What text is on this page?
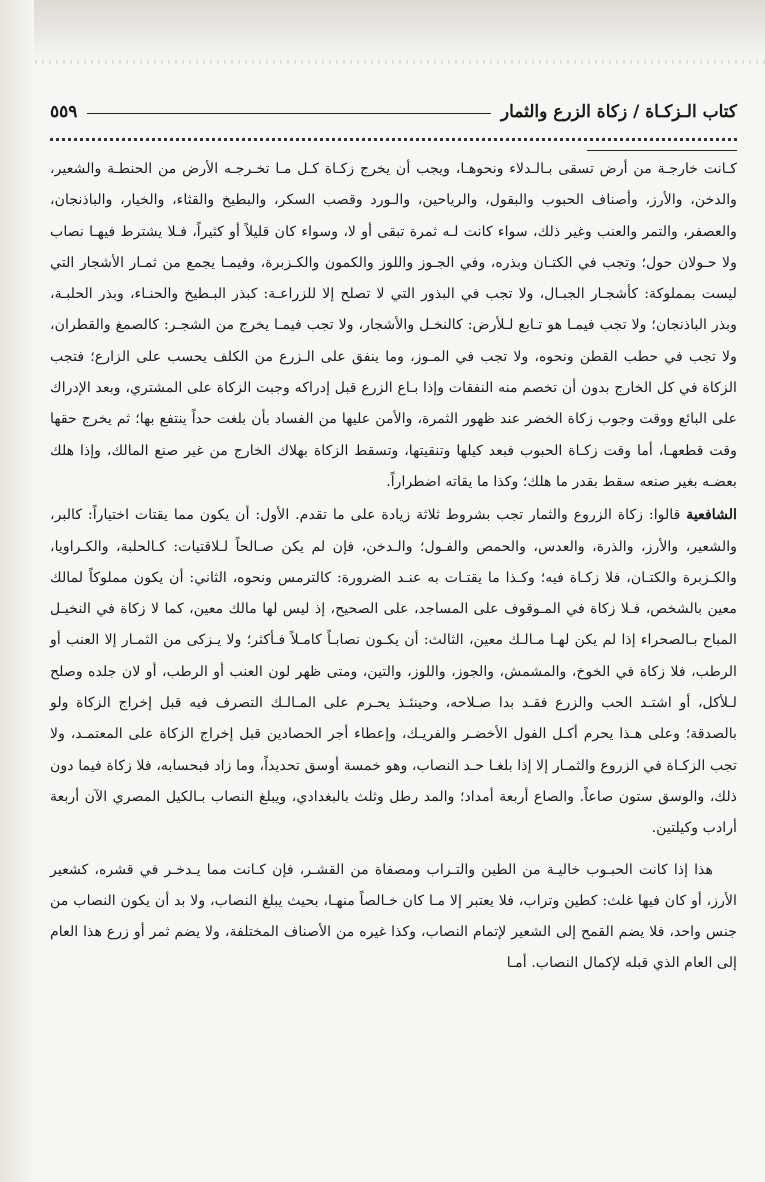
كتاب الـزكـاة / زكاة الزرع والثمار
٥٥٩

كـانت خارجـة من أرض تسقى بـالـدلاء ونحوهـا، ويجب أن يخرج زكـاة كـل مـا تخـرجـه الأرض من الحنطـة والشعير، والدخن، والأرز، وأصناف الحبوب والبقول، والرياحين، والـورد وقصب السكر، والبطيخ والقثاء، والخيار، والباذنجان، والعصفر، والتمر والعنب وغير ذلك، سواء كانت لـه ثمرة تبقى أو لا، وسواء كان قليلاً أو كثيراً، فـلا يشترط فيهـا نصاب ولا حـولان حول؛ وتجب في الكتـان وبذره، وفي الجـوز واللوز والكمون والكـزبرة، وفيمـا يجمع من ثمـار الأشجار التي ليست بمملوكة: كأشجـار الجبـال، ولا تجب في البذور التي لا تصلح إلا للزراعـة: كبذر البـطيخ والحنـاء، وبذر الحلبـة، وبذر الباذنجان؛ ولا تجب فيمـا هو تـابع لـلأرض: كالنخـل والأشجار، ولا تجب فيمـا يخرج من الشجـر: كالصمغ والقطران، ولا تجب في حطب القطن ونحوه، ولا تجب في المـوز، وما ينفق على الـزرع من الكلف يحسب على الزارع؛ فتجب الزكاة في كل الخارج بدون أن تخصم منه النفقات وإذا بـاع الزرع قبل إدراكه وجبت الزكاة على المشتري، وبعد الإدراك على البائع ووقت وجوب زكاة الخضر عند ظهور الثمرة، والأمن عليها من الفساد بأن بلغت حداً ينتفع بها؛ ثم يخرج حقها وقت قطعهـا، أما وقت زكـاة الحبوب فبعد كيلها وتنقيتها، وتسقط الزكاة بهلاك الخارج من غير صنع المالك، وإذا هلك بعضـه بغير صنعه سقط بقدر ما هلك؛ وكذا ما يقاته اضطراراً.

الشافعية قالوا: زكاة الزروع والثمار تجب بشروط ثلاثة زيادة على ما تقدم. الأول: أن يكون مما يقتات اختياراً: كالبر، والشعير، والأرز، والذرة، والعدس، والحمص والفـول؛ والـدخن، فإن لم يكن صـالحاً لـلاقتيات: كـالحلبة، والكـراويا، والكـزبرة والكتـان، فلا زكـاة فيه؛ وكـذا ما يقتـات به عنـد الضرورة: كالترمس ونحوه، الثاني: أن يكون مملوكاً لمالك معين بالشخص، فـلا زكاة في المـوقوف على المساجد، على الصحيح، إذ ليس لها مالك معين، كما لا زكاة في النخيـل المباح بـالصحراء إذا لم يكن لهـا مـالـك معين، الثالث: أن يكـون نصابـاً كامـلاً فـأكثر؛ ولا يـزكى من الثمـار إلا العنب أو الرطب، فلا زكاة في الخوخ، والمشمش، والجوز، واللوز، والتين، ومتى ظهر لون العنب أو الرطب، أو لان جلده وصلح لـلأكل، أو اشتـد الحب والزرع فقـد بدا صـلاحه، وحينئـذ يحـرم على المـالـك التصرف فيه قبل إخراج الزكاة ولو بالصدقة؛ وعلى هـذا يحرم أكـل الفول الأخضـر والفريـك، وإعطاء أجر الحصادين قبل إخراج الزكاة على المعتمـد، ولا تجب الزكـاة في الزروع والثمـار إلا إذا بلغـا حـد النصاب، وهو خمسة أوسق تحديداً، وما زاد فبحسابه، فلا زكاة فيما دون ذلك، والوسق ستون صاعاً. والصاع أربعة أمداد؛ والمد رطل وثلث بالبغدادي، ويبلغ النصاب بـالكيل المصري الآن أربعة أرادب وكيلتين.

هذا إذا كانت الحبـوب خاليـة من الطين والتـراب ومصفاة من القشـر، فإن كـانت مما يـدخـر في قشره، كشعير الأرز، أو كان فيها غلث: كطين وتراب، فلا يعتبر إلا مـا كان خـالصاً منهـا، بحيث يبلغ النصاب، ولا بد أن يكون النصاب من جنس واحد، فلا يضم القمح إلى الشعير لإتمام النصاب، وكذا غيره من الأصناف المختلفة، ولا يضم ثمر أو زرع هذا العام إلى العام الذي قبله لإكمال النصاب. أمـا
